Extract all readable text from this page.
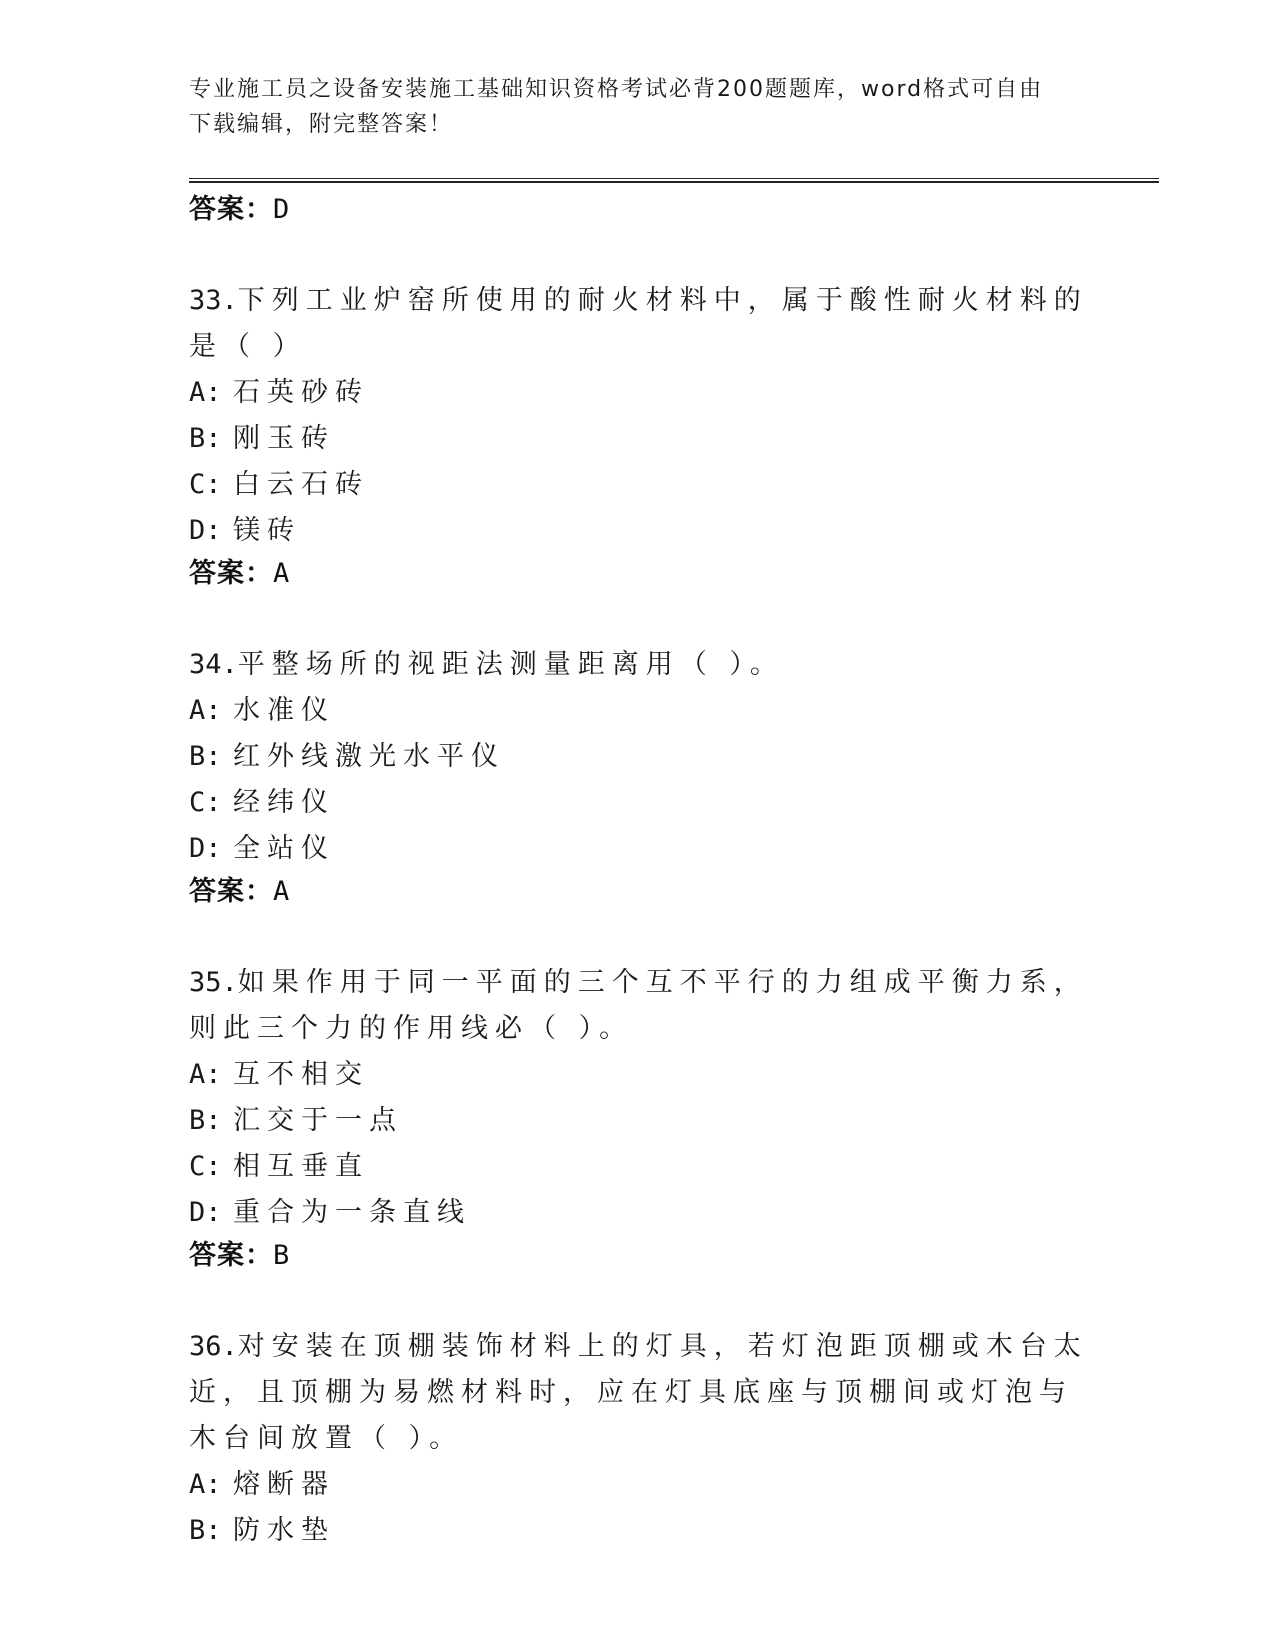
专业施工员之设备安装施工基础知识资格考试必背200题题库，word格式可自由
下载编辑，附完整答案！
答案：D
33.下列工业炉窑所使用的耐火材料中，属于酸性耐火材料的是（ ）
A: 石英砂砖
B: 刚玉砖
C: 白云石砖
D: 镁砖
答案：A
34.平整场所的视距法测量距离用（ ）。
A: 水准仪
B: 红外线激光水平仪
C: 经纬仪
D: 全站仪
答案：A
35.如果作用于同一平面的三个互不平行的力组成平衡力系，则此三个力的作用线必（ ）。
A: 互不相交
B: 汇交于一点
C: 相互垂直
D: 重合为一条直线
答案：B
36.对安装在顶棚装饰材料上的灯具，若灯泡距顶棚或木台太近，且顶棚为易燃材料时，应在灯具底座与顶棚间或灯泡与木台间放置（ ）。
A: 熔断器
B: 防水垫
